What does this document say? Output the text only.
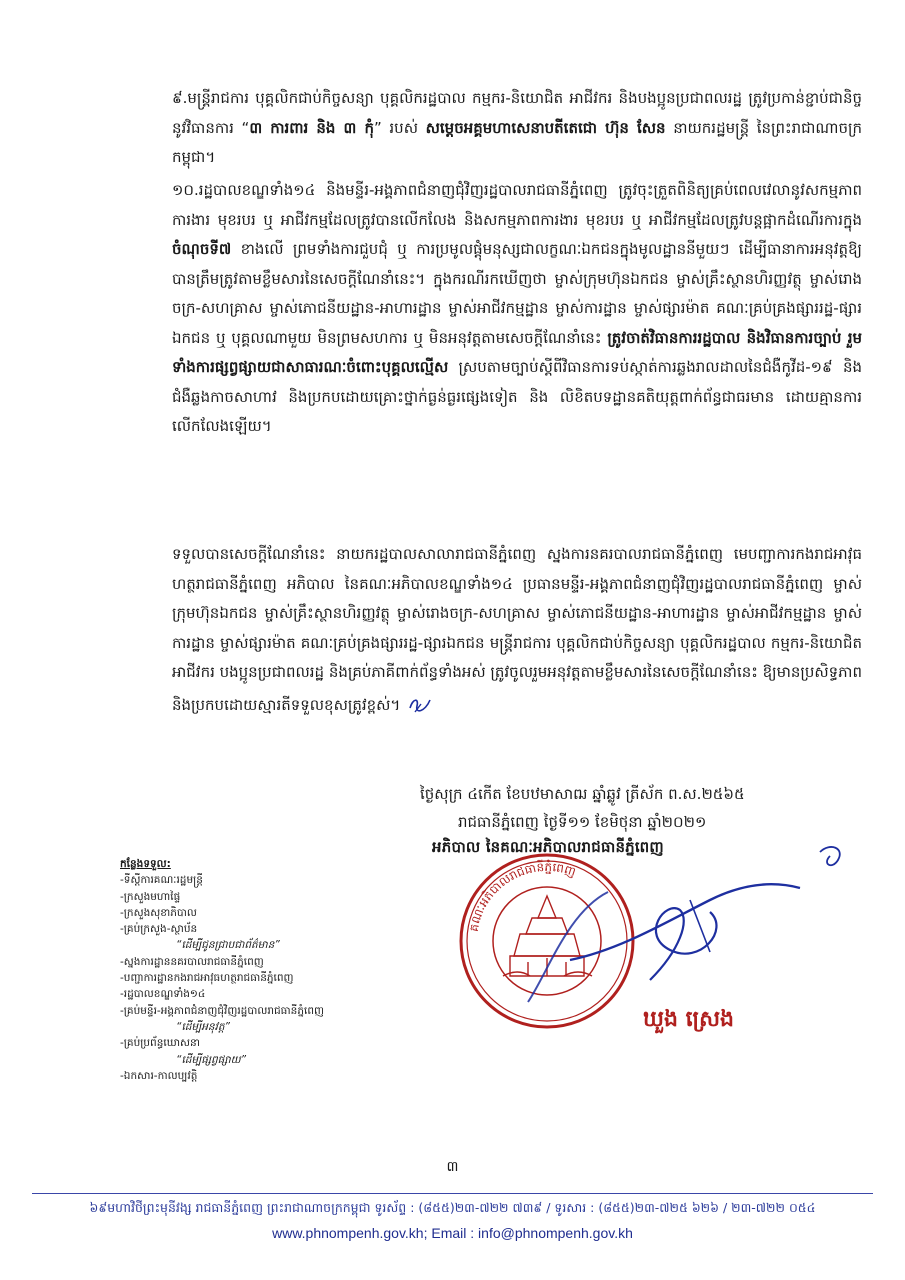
៩.មន្ត្រីរាជការ បុគ្គលិកជាប់កិច្ចសន្យា បុគ្គលិករដ្ឋបាល កម្មករ-និយោជិត អាជីវករ និងបងប្អូនប្រជាពលរដ្ឋ ត្រូវប្រកាន់ខ្ជាប់ជានិច្ចនូវវិធានការ “៣ ការពារ និង ៣ កុំ” របស់ សម្តេចអគ្គមហាសេនាបតីតេជោ ហ៊ុន សែន នាយករដ្ឋមន្ត្រី នៃព្រះរាជាណាចក្រកម្ពុជា។
១០.រដ្ឋបាលខណ្ឌទាំង១៤ និងមន្ទីរ-អង្គភាពជំនាញជុំវិញរដ្ឋបាលរាជធានីភ្នំពេញ ត្រូវចុះត្រួតពិនិត្យគ្រប់ពេលវេលានូវសកម្មភាពការងារ មុខរបរ ឬ អាជីវកម្មដែលត្រូវបានលើកលែង និងសកម្មភាពការងារ មុខរបរ ឬ អាជីវកម្មដែលត្រូវបន្តផ្អាកដំណើរការក្នុងចំណុចទី៧ ខាងលើ ព្រមទាំងការជួបជុំ ឬ ការប្រមូលផ្តុំមនុស្សជាលក្ខណៈឯកជនក្នុងមូលដ្ឋាននីមួយៗ ដើម្បីធានាការអនុវត្តឱ្យបានត្រឹមត្រូវតាមខ្លឹមសារនៃសេចក្តីណែនាំនេះ។ ក្នុងករណីរកឃើញថា ម្ចាស់ក្រុមហ៊ុនឯកជន ម្ចាស់គ្រឹះស្ថានហិរញ្ញវត្ថុ ម្ចាស់រោងចក្រ-សហគ្រាស ម្ចាស់ភោជនីយដ្ឋាន-អាហារដ្ឋាន ម្ចាស់អាជីវកម្មដ្ឋាន ម្ចាស់ការដ្ឋាន ម្ចាស់ផ្សារម៉ាត គណៈគ្រប់គ្រងផ្សាររដ្ឋ-ផ្សារឯកជន ឬ បុគ្គលណាមួយ មិនព្រមសហការ ឬ មិនអនុវត្តតាមសេចក្តីណែនាំនេះ ត្រូវចាត់វិធានការរដ្ឋបាល និងវិធានការច្បាប់ រួមទាំងការផ្សព្វផ្សាយជាសាធារណៈចំពោះបុគ្គលល្មើស ស្របតាមច្បាប់ស្តីពីវិធានការទប់ស្កាត់ការឆ្លងរាលដាលនៃជំងឺកូវីដ-១៩ និងជំងឺឆ្លងកាចសាហាវ និងប្រកបដោយគ្រោះថ្នាក់ធ្ងន់ធ្ងរផ្សេងទៀត និង លិខិតបទដ្ឋានគតិយុត្តពាក់ព័ន្ធជាធរមាន ដោយគ្មានការលើកលែងឡើយ។
ទទួលបានសេចក្តីណែនាំនេះ នាយករដ្ឋបាលសាលារាជធានីភ្នំពេញ ស្នងការនគរបាលរាជធានីភ្នំពេញ មេបញ្ជាការកងរាជអាវុធហត្ថរាជធានីភ្នំពេញ អភិបាល នៃគណៈអភិបាលខណ្ឌទាំង១៤ ប្រធានមន្ទីរ-អង្គភាពជំនាញជុំវិញរដ្ឋបាលរាជធានីភ្នំពេញ ម្ចាស់ក្រុមហ៊ុនឯកជន ម្ចាស់គ្រឹះស្ថានហិរញ្ញវត្ថុ ម្ចាស់រោងចក្រ-សហគ្រាស ម្ចាស់ភោជនីយដ្ឋាន-អាហារដ្ឋាន ម្ចាស់អាជីវកម្មដ្ឋាន ម្ចាស់ការដ្ឋាន ម្ចាស់ផ្សារម៉ាត គណៈគ្រប់គ្រងផ្សាររដ្ឋ-ផ្សារឯកជន មន្ត្រីរាជការ បុគ្គលិកជាប់កិច្ចសន្យា បុគ្គលិករដ្ឋបាល កម្មករ-និយោជិត អាជីវករ បងប្អូនប្រជាពលរដ្ឋ និងគ្រប់ភាគីពាក់ព័ន្ធទាំងអស់ ត្រូវចូលរួមអនុវត្តតាមខ្លឹមសារនៃសេចក្តីណែនាំនេះ ឱ្យមានប្រសិទ្ធភាព និងប្រកបដោយស្មារតីទទួលខុសត្រូវខ្ពស់។
ថ្ងៃសុក្រ ៤កើត ខែបឋមាសាឍ ឆ្នាំឆ្លូវ ត្រីស័ក ព.ស.២៥៦៥
រាជធានីភ្នំពេញ ថ្ងៃទី១១ ខែមិថុនា ឆ្នាំ២០២១
អភិបាល នៃគណៈអភិបាលរាជធានីភ្នំពេញ
គណៈអភិបាលរាជធានីភ្នំពេញ
ឃួង ស្រេង
កន្លែងទទួល:
-ទីស្តីការគណៈរដ្ឋមន្ត្រី
-ក្រសួងមហាផ្ទៃ
-ក្រសួងសុខាភិបាល
-គ្រប់ក្រសួង-ស្ថាប័ន
“ដើម្បីជូនជ្រាបជាព័ត៌មាន”
-ស្នងការដ្ឋាននគរបាលរាជធានីភ្នំពេញ
-បញ្ជាការដ្ឋានកងរាជអាវុធហត្ថរាជធានីភ្នំពេញ
-រដ្ឋបាលខណ្ឌទាំង១៤
-គ្រប់មន្ទីរ-អង្គភាពជំនាញជុំវិញរដ្ឋបាលរាជធានីភ្នំពេញ
“ដើម្បីអនុវត្ត”
-គ្រប់ប្រព័ន្ធឃោសនា
“ដើម្បីផ្សព្វផ្សាយ”
-ឯកសារ-កាលប្បវត្តិ
៣
៦៩មហាវិថីព្រះមុនីវង្ស រាជធានីភ្នំពេញ ព្រះរាជាណាចក្រកម្ពុជា ទូរស័ព្ទ : (៨៥៥)២៣-៧២២ ៧៣៩ / ទូរសារ : (៨៥៥)២៣-៧២៥ ៦២៦ / ២៣-៧២២ ០៥៤
www.phnompenh.gov.kh; Email : info@phnompenh.gov.kh
